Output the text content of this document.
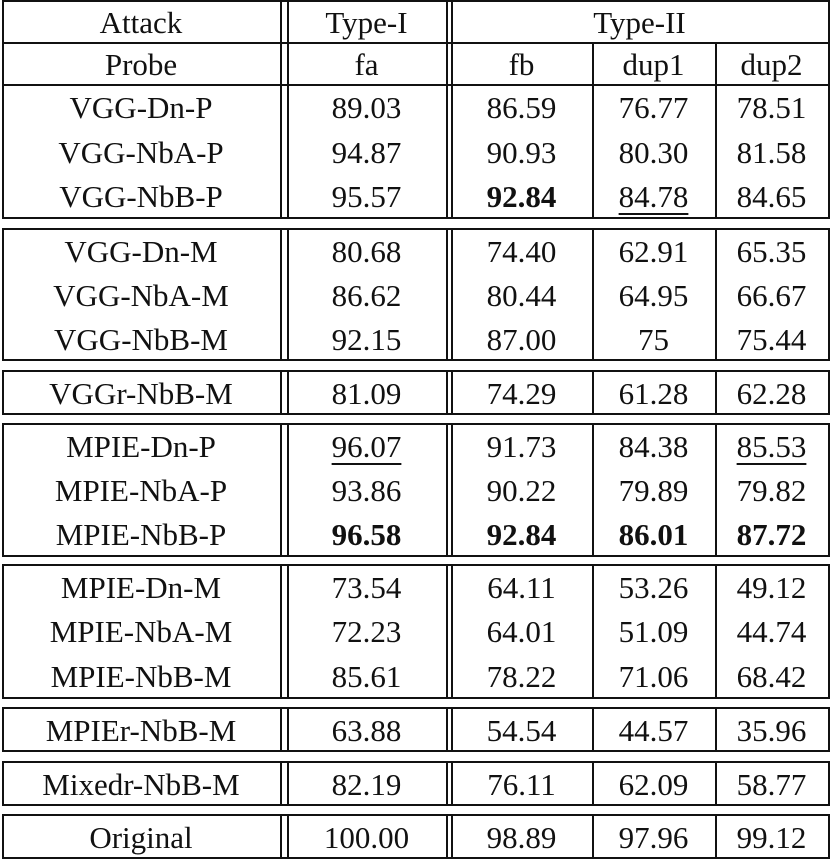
Attack	Type-I	Type-II
Probe	fa	fb	dup1 dup2
VGG-Dn-P	89.03	86.59 76.77 78.51
VGG-NbA-P	94.87	90.93 80.30 81.58
VGG-NbB-P	95.57	92.84 84.78 84.65
VGG-Dn-M	80.68	74.40 62.91 65.35
VGG-NbA-M	86.62	80.44 64.95 66.67
VGG-NbB-M	92.15	87.00	75 75.44
VGGr-NbB-M	81.09	74.29 61.28 62.28
MPIE-Dn-P	96.07	91.73 84.38 85.53
MPIE-NbA-P	93.86	90.22 79.89 79.82
MPIE-NbB-P	96.58	92.84 86.01 87.72
MPIE-Dn-M	73.54	64.11 53.26 49.12
MPIE-NbA-M	72.23	64.01 51.09 44.74
MPIE-NbB-M	85.61	78.22 71.06 68.42
MPIEr-NbB-M	63.88	54.54 44.57 35.96
Mixedr-NbB-M	82.19	76.11 62.09 58.77
Original	100.00	98.89 97.96 99.12
